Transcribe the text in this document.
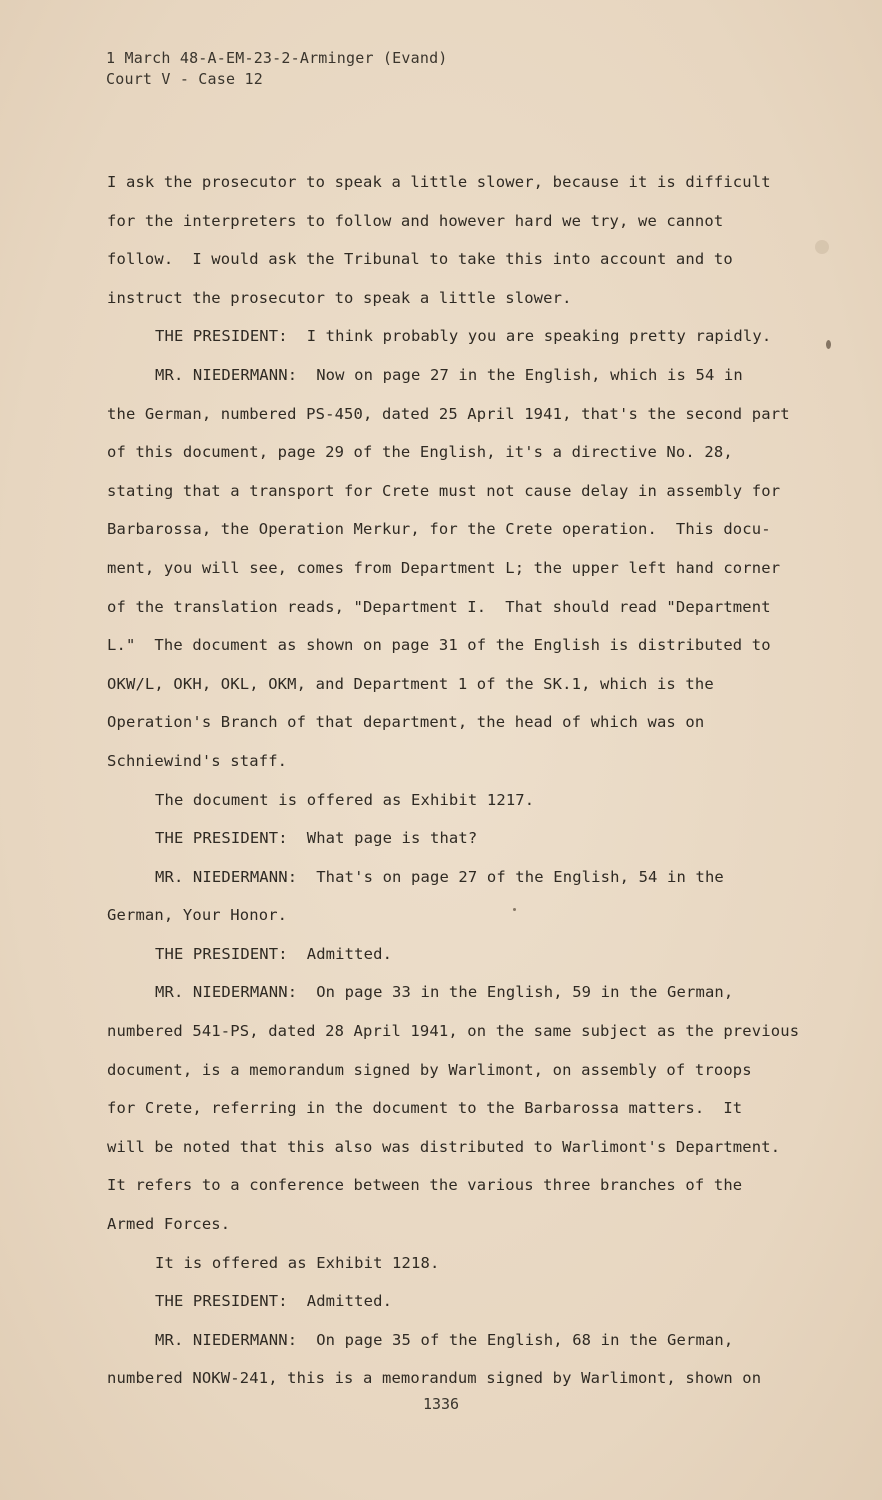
1 March 48-A-EM-23-2-Arminger (Evand)
Court V - Case 12
I ask the prosecutor to speak a little slower, because it is difficult
for the interpreters to follow and however hard we try, we cannot
follow.  I would ask the Tribunal to take this into account and to
instruct the prosecutor to speak a little slower.
THE PRESIDENT:  I think probably you are speaking pretty rapidly.
MR. NIEDERMANN:  Now on page 27 in the English, which is 54 in
the German, numbered PS-450, dated 25 April 1941, that's the second part
of this document, page 29 of the English, it's a directive No. 28,
stating that a transport for Crete must not cause delay in assembly for
Barbarossa, the Operation Merkur, for the Crete operation.  This docu-
ment, you will see, comes from Department L; the upper left hand corner
of the translation reads, "Department I.  That should read "Department
L."  The document as shown on page 31 of the English is distributed to
OKW/L, OKH, OKL, OKM, and Department 1 of the SK.1, which is the
Operation's Branch of that department, the head of which was on
Schniewind's staff.
The document is offered as Exhibit 1217.
THE PRESIDENT:  What page is that?
MR. NIEDERMANN:  That's on page 27 of the English, 54 in the
German, Your Honor.
THE PRESIDENT:  Admitted.
MR. NIEDERMANN:  On page 33 in the English, 59 in the German,
numbered 541-PS, dated 28 April 1941, on the same subject as the previous
document, is a memorandum signed by Warlimont, on assembly of troops
for Crete, referring in the document to the Barbarossa matters.  It
will be noted that this also was distributed to Warlimont's Department.
It refers to a conference between the various three branches of the
Armed Forces.
It is offered as Exhibit 1218.
THE PRESIDENT:  Admitted.
MR. NIEDERMANN:  On page 35 of the English, 68 in the German,
numbered NOKW-241, this is a memorandum signed by Warlimont, shown on
1336
